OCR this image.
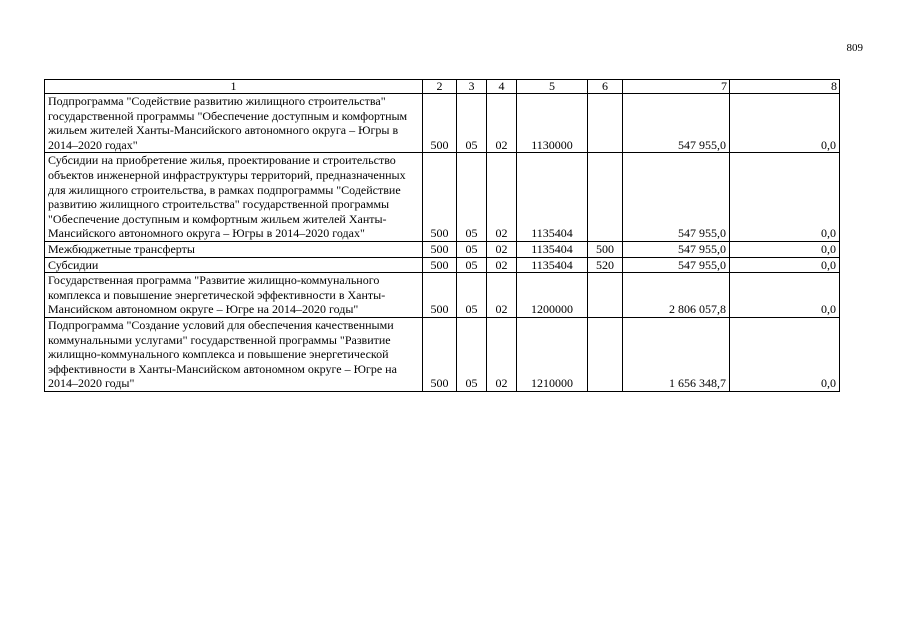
809
1	2	3	4	5	6	7	8
Подпрограмма "Содействие развитию жилищного строительства" государственной программы "Обеспечение доступным и комфортным жильем жителей Ханты-Мансийского автономного округа – Югры в 2014–2020 годах"	500	05	02	1130000		547 955,0	0,0
Субсидии на приобретение жилья, проектирование и строительство объектов инженерной инфраструктуры территорий, предназначенных для жилищного строительства, в рамках подпрограммы "Содействие развитию жилищного строительства" государственной программы "Обеспечение доступным и комфортным жильем жителей Ханты-Мансийского автономного округа – Югры в 2014–2020 годах"	500	05	02	1135404		547 955,0	0,0
Межбюджетные трансферты	500	05	02	1135404	500	547 955,0	0,0
Субсидии	500	05	02	1135404	520	547 955,0	0,0
Государственная программа "Развитие жилищно-коммунального комплекса и повышение энергетической эффективности в Ханты-Мансийском автономном округе – Югре на 2014–2020 годы"	500	05	02	1200000		2 806 057,8	0,0
Подпрограмма "Создание условий для обеспечения качественными коммунальными услугами" государственной программы "Развитие жилищно-коммунального комплекса и повышение энергетической эффективности в Ханты-Мансийском автономном округе – Югре на 2014–2020 годы"	500	05	02	1210000		1 656 348,7	0,0
